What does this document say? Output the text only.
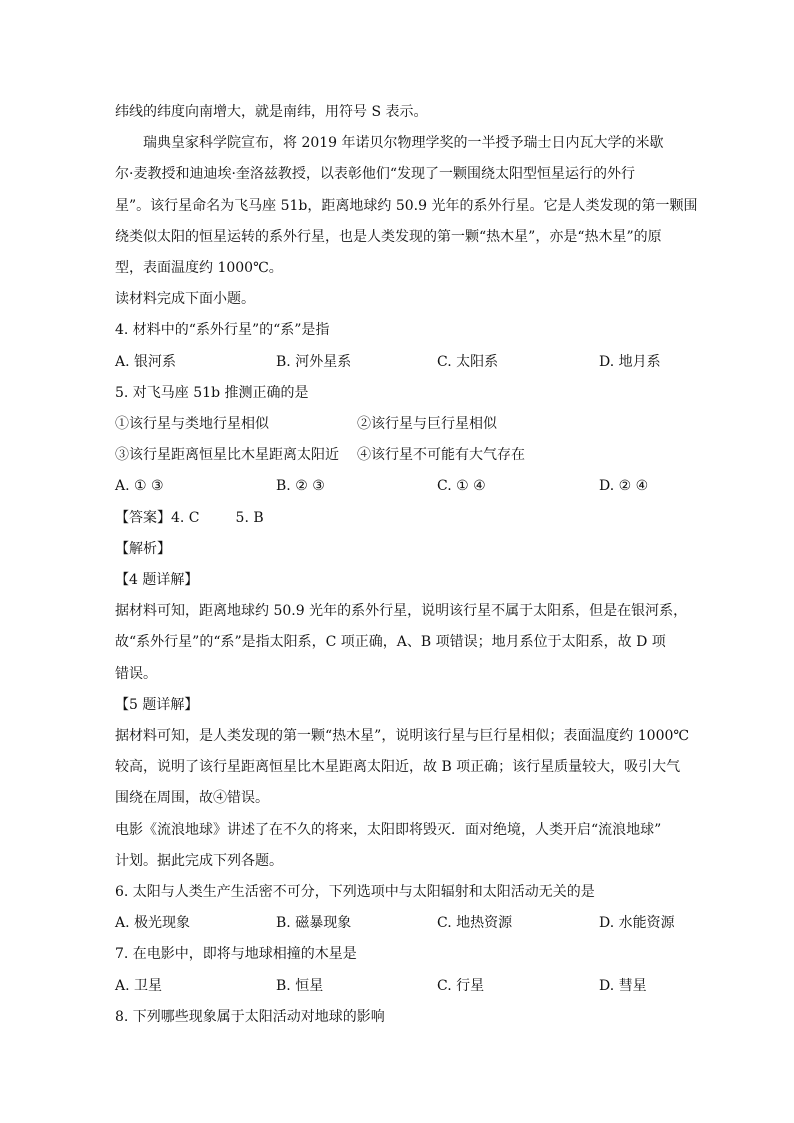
纬线的纬度向南增大，就是南纬，用符号 S 表示。
瑞典皇家科学院宣布，将 2019 年诺贝尔物理学奖的一半授予瑞士日内瓦大学的米歇
尔·麦教授和迪迪埃·奎洛兹教授，以表彰他们“发现了一颗围绕太阳型恒星运行的外行
星”。该行星命名为飞马座 51b，距离地球约 50.9 光年的系外行星。它是人类发现的第一颗围
绕类似太阳的恒星运转的系外行星，也是人类发现的第一颗“热木星”，亦是“热木星”的原
型，表面温度约 1000℃。
读材料完成下面小题。
4. 材料中的“系外行星”的“系”是指
A. 银河系	B. 河外星系	C. 太阳系	D. 地月系
5. 对飞马座 51b 推测正确的是
①该行星与类地行星相似	②该行星与巨行星相似
③该行星距离恒星比木星距离太阳近 ④该行星不可能有大气存在
A. ① ③	B. ② ③	C. ① ④	D. ② ④
【答案】4. C	5. B
【解析】
【4 题详解】
据材料可知，距离地球约 50.9 光年的系外行星，说明该行星不属于太阳系，但是在银河系，
故“系外行星”的“系”是指太阳系，C 项正确，A、B 项错误；地月系位于太阳系，故 D 项
错误。
【5 题详解】
据材料可知，是人类发现的第一颗“热木星”，说明该行星与巨行星相似；表面温度约 1000℃
较高，说明了该行星距离恒星比木星距离太阳近，故 B 项正确；该行星质量较大，吸引大气
围绕在周围，故④错误。
电影《流浪地球》讲述了在不久的将来，太阳即将毁灭．面对绝境，人类开启“流浪地球”
计划。据此完成下列各题。
6. 太阳与人类生产生活密不可分，下列选项中与太阳辐射和太阳活动无关的是
A. 极光现象	B. 磁暴现象	C. 地热资源	D. 水能资源
7. 在电影中，即将与地球相撞的木星是
A. 卫星	B. 恒星	C. 行星	D. 彗星
8. 下列哪些现象属于太阳活动对地球的影响
